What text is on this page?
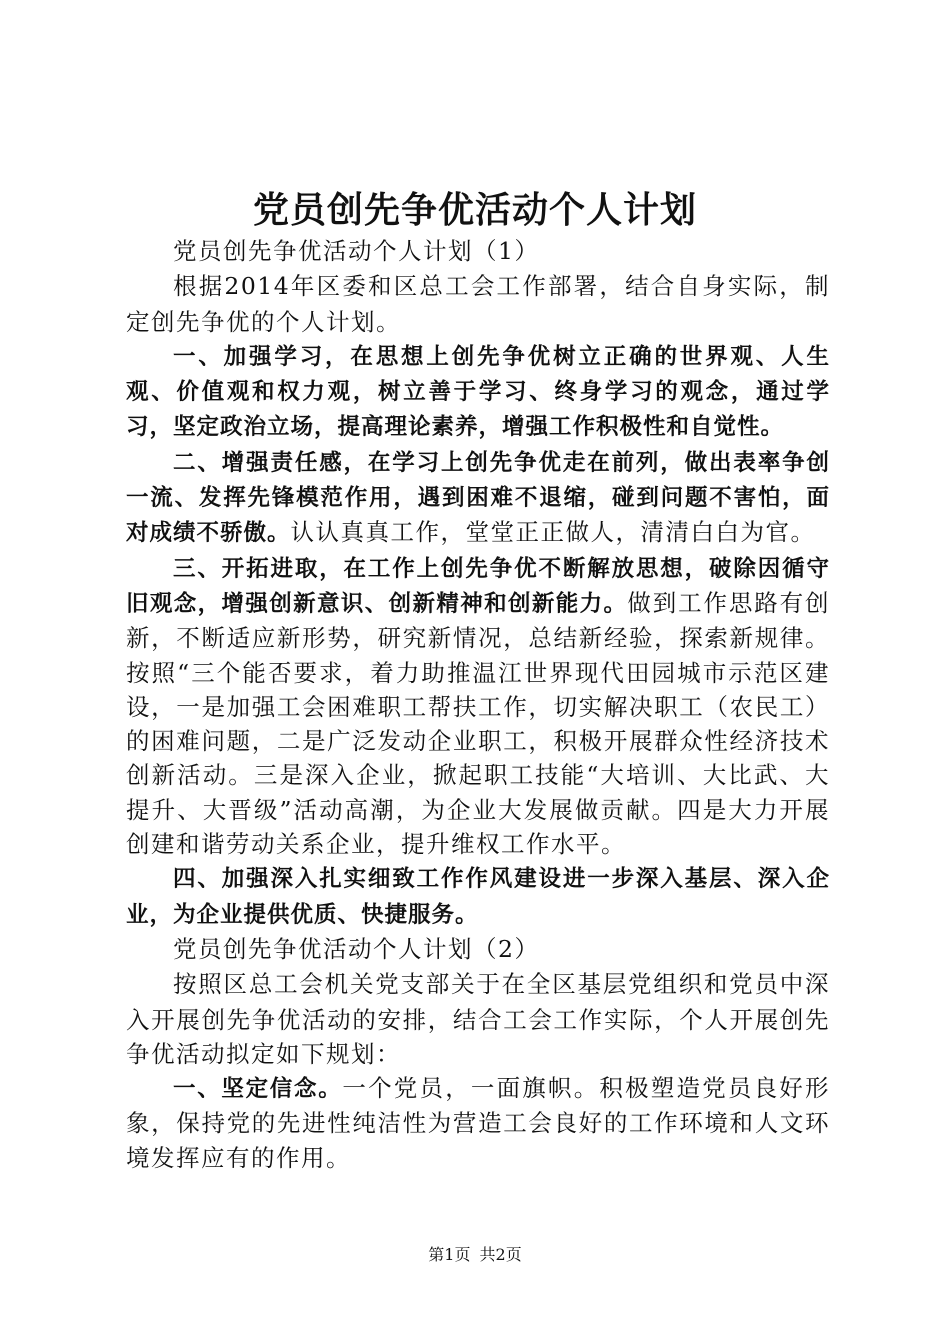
党员创先争优活动个人计划

党员创先争优活动个人计划（1）

根据2014年区委和区总工会工作部署，结合自身实际，制定创先争优的个人计划。

一、加强学习，在思想上创先争优树立正确的世界观、人生观、价值观和权力观，树立善于学习、终身学习的观念，通过学习，坚定政治立场，提高理论素养，增强工作积极性和自觉性。

二、增强责任感，在学习上创先争优走在前列，做出表率争创一流、发挥先锋模范作用，遇到困难不退缩，碰到问题不害怕，面对成绩不骄傲。认认真真工作，堂堂正正做人，清清白白为官。

三、开拓进取，在工作上创先争优不断解放思想，破除因循守旧观念，增强创新意识、创新精神和创新能力。做到工作思路有创新，不断适应新形势，研究新情况，总结新经验，探索新规律。按照“三个能否要求，着力助推温江世界现代田园城市示范区建设，一是加强工会困难职工帮扶工作，切实解决职工（农民工）的困难问题，二是广泛发动企业职工，积极开展群众性经济技术创新活动。三是深入企业，掀起职工技能“大培训、大比武、大提升、大晋级”活动高潮，为企业大发展做贡献。四是大力开展创建和谐劳动关系企业，提升维权工作水平。

四、加强深入扎实细致工作作风建设进一步深入基层、深入企业，为企业提供优质、快捷服务。

党员创先争优活动个人计划（2）

按照区总工会机关党支部关于在全区基层党组织和党员中深入开展创先争优活动的安排，结合工会工作实际，个人开展创先争优活动拟定如下规划：

一、坚定信念。一个党员，一面旗帜。积极塑造党员良好形象，保持党的先进性纯洁性为营造工会良好的工作环境和人文环境发挥应有的作用。

第1页 共2页
